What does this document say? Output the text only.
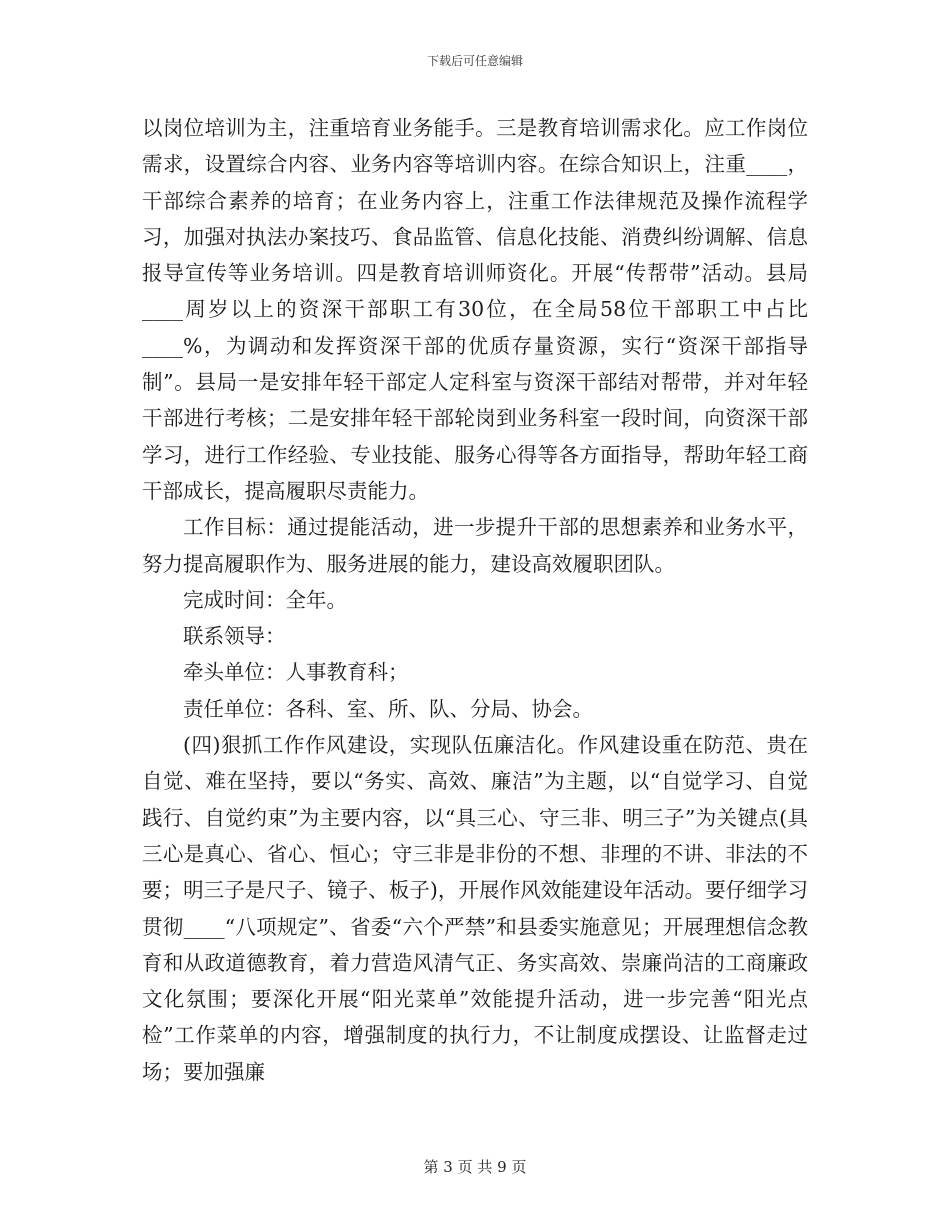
下载后可任意编辑

以岗位培训为主，注重培育业务能手。三是教育培训需求化。应工作岗位需求，设置综合内容、业务内容等培训内容。在综合知识上，注重____，干部综合素养的培育；在业务内容上，注重工作法律规范及操作流程学习，加强对执法办案技巧、食品监管、信息化技能、消费纠纷调解、信息报导宣传等业务培训。四是教育培训师资化。开展“传帮带”活动。县局____周岁以上的资深干部职工有30位，在全局58位干部职工中占比____%，为调动和发挥资深干部的优质存量资源，实行“资深干部指导制”。县局一是安排年轻干部定人定科室与资深干部结对帮带，并对年轻干部进行考核；二是安排年轻干部轮岗到业务科室一段时间，向资深干部学习，进行工作经验、专业技能、服务心得等各方面指导，帮助年轻工商干部成长，提高履职尽责能力。

工作目标：通过提能活动，进一步提升干部的思想素养和业务水平，努力提高履职作为、服务进展的能力，建设高效履职团队。

完成时间：全年。

联系领导：

牵头单位：人事教育科；

责任单位：各科、室、所、队、分局、协会。

(四)狠抓工作作风建设，实现队伍廉洁化。作风建设重在防范、贵在自觉、难在坚持，要以“务实、高效、廉洁”为主题，以“自觉学习、自觉践行、自觉约束”为主要内容，以“具三心、守三非、明三子”为关键点(具三心是真心、省心、恒心；守三非是非份的不想、非理的不讲、非法的不要；明三子是尺子、镜子、板子)，开展作风效能建设年活动。要仔细学习贯彻____“八项规定”、省委“六个严禁”和县委实施意见；开展理想信念教育和从政道德教育，着力营造风清气正、务实高效、崇廉尚洁的工商廉政文化氛围；要深化开展“阳光菜单”效能提升活动，进一步完善“阳光点检”工作菜单的内容，增强制度的执行力，不让制度成摆设、让监督走过场；要加强廉

第 3 页 共 9 页
